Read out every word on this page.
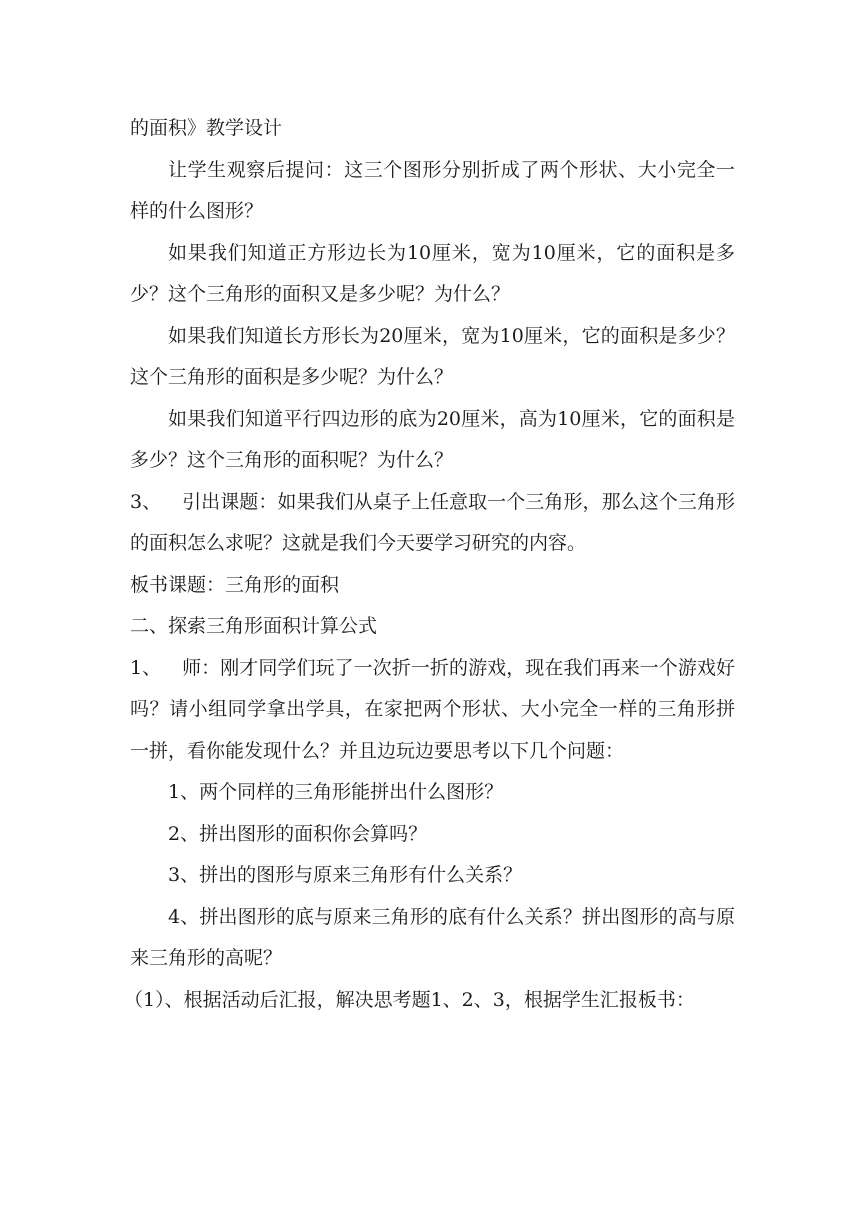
的面积》教学设计

让学生观察后提问：这三个图形分别折成了两个形状、大小完全一样的什么图形？

如果我们知道正方形边长为10厘米，宽为10厘米，它的面积是多少？这个三角形的面积又是多少呢？为什么？

如果我们知道长方形长为20厘米，宽为10厘米，它的面积是多少？这个三角形的面积是多少呢？为什么？

如果我们知道平行四边形的底为20厘米，高为10厘米，它的面积是多少？这个三角形的面积呢？为什么？

3、 引出课题：如果我们从桌子上任意取一个三角形，那么这个三角形的面积怎么求呢？这就是我们今天要学习研究的内容。

板书课题：三角形的面积

二、探索三角形面积计算公式

1、 师：刚才同学们玩了一次折一折的游戏，现在我们再来一个游戏好吗？请小组同学拿出学具，在家把两个形状、大小完全一样的三角形拼一拼，看你能发现什么？并且边玩边要思考以下几个问题：

1、两个同样的三角形能拼出什么图形？

2、拼出图形的面积你会算吗？

3、拼出的图形与原来三角形有什么关系？

4、拼出图形的底与原来三角形的底有什么关系？拼出图形的高与原来三角形的高呢？

（1）、根据活动后汇报，解决思考题1、2、3，根据学生汇报板书：
